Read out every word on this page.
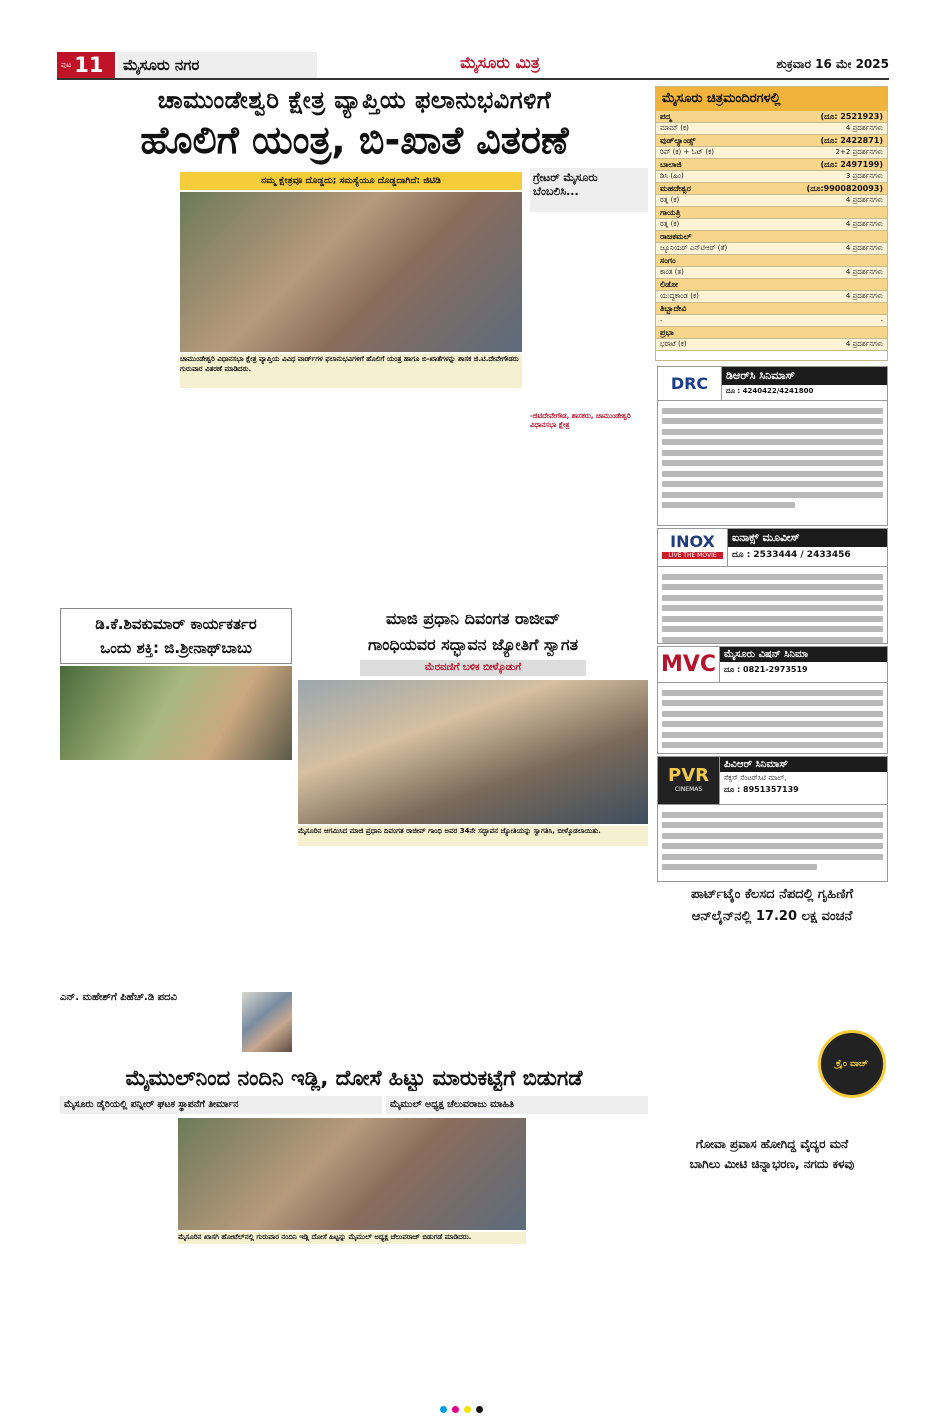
ಪುಟ 11	ಮೈಸೂರು ನಗರ	ಮೈಸೂರು ಮಿತ್ರ	ಶುಕ್ರವಾರ 16 ಮೇ 2025
ಚಾಮುಂಡೇಶ್ವರಿ ಕ್ಷೇತ್ರ ವ್ಯಾಪ್ತಿಯ ಫಲಾನುಭವಿಗಳಿಗೆ
ಹೊಲಿಗೆ ಯಂತ್ರ, ಬಿ-ಖಾತೆ ವಿತರಣೆ
ಮೈಸೂರು ಚಿತ್ರಮಂದಿರಗಳಲ್ಲಿ
ಪದ್ಮ	(ದೂ: 2521923)
ಮಾಮ್ (ಕ)	4 ಪ್ರದರ್ಶನಗಳು
ವುಡ್‌ಲ್ಯಾಂಡ್ಸ್	(ದೂ: 2422871)
ರಿಪ್ (ಕ) + ಓಟ್ (ಕ)	2+2 ಪ್ರದರ್ಶನಗಳು
ಬಾಲಾಜಿ	(ದೂ: 2497199)
ಡಿಸಿ (ಹಿಂ)	3 ಪ್ರದರ್ಶನಗಳು
ಮಹದೇಶ್ವರ	(ದೂ:9900820093)
ರತ್ನ (ಕ)	4 ಪ್ರದರ್ಶನಗಳು
ಗಾಯತ್ರಿ
ರತ್ನ (ಕ)	4 ಪ್ರದರ್ಶನಗಳು
ರಾಜಕಮಲ್
ಜ್ಯೂನಿಯರ್ ಎನ್‌ಟಿಆರ್ (ತೆ)	4 ಪ್ರದರ್ಶನಗಳು
ಸಂಗಂ
ಕಾಂತ (ತ)	4 ಪ್ರದರ್ಶನಗಳು
ಲಿಡೋ
ಯುದ್ಧಕಾಂಡ (ಕ)	4 ಪ್ರದರ್ಶನಗಳು
ತಿಬ್ಬಾದೇವಿ
-	-
ಪ್ರಭಾ
ಭರಾಟೆ (ಕ)	4 ಪ್ರದರ್ಶನಗಳು
DRC	ಡಿಆರ್‌ಸಿ ಸಿನಿಮಾಸ್
ದೂ : 4240422/4241800
INOX
LIVE THE MOVIE
ಐನಾಕ್ಸ್ ಮೂವೀಸ್
ದೂ : 2533444 / 2433456
MVC ಮೈಸೂರು ವಿಷನ್ ಸಿನಿಮಾ
ದೂ : 0821-2973519
PVR
CINEMAS
ಪಿವಿಆರ್ ಸಿನಿಮಾಸ್
ನೆಕ್ಸಸ್ ಸೆಂಟರ್‌ಸಿಟಿ ಮಾಲ್,
ದೂ : 8951357139
ನಮ್ಮ ಕ್ಷೇತ್ರವೂ ದೊಡ್ಡದು; ಸಮಸ್ಯೆಯೂ ದೊಡ್ಡದಾಗಿದೆ: ಜಿಟಿಡಿ
ಚಾಮುಂಡೇಶ್ವರಿ ವಿಧಾನಸಭಾ ಕ್ಷೇತ್ರ ವ್ಯಾಪ್ತಿಯ ವಿವಿಧ ವಾರ್ಡ್‌ಗಳ ಫಲಾನುಭವಿಗಳಿಗೆ ಹೊಲಿಗೆ ಯಂತ್ರ ಹಾಗೂ ಬಿ-ಖಾತೆಗಳನ್ನು ಶಾಸಕ ಜಿ.ಟಿ.ದೇವೇಗೌಡರು ಗುರುವಾರ ವಿತರಣೆ ಮಾಡಿದರು.
ಗ್ರೇಟರ್ ಮೈಸೂರು ಬೆಂಬಲಿಸಿ...
-ಜಿಟಿದೇವೇಗೌಡ, ಶಾಸಕರು, ಚಾಮುಂಡೇಶ್ವರಿ ವಿಧಾನಸಭಾ ಕ್ಷೇತ್ರ
ಡಿ.ಕೆ.ಶಿವಕುಮಾರ್ ಕಾರ್ಯಕರ್ತರ
ಒಂದು ಶಕ್ತಿ: ಜಿ.ಶ್ರೀನಾಥ್‌ಬಾಬು
ಮಾಜಿ ಪ್ರಧಾನಿ ದಿವಂಗತ ರಾಜೀವ್
ಗಾಂಧಿಯವರ ಸದ್ಭಾವನ ಜ್ಯೋತಿಗೆ ಸ್ವಾಗತ
ಮೆರವಣಿಗೆ ಬಳಿಕ ಬೀಳ್ಕೊಡುಗೆ
ಮೈಸೂರಿನ ಆಗಮಿಸಿದ ಮಾಜಿ ಪ್ರಧಾನಿ ದಿವಂಗತ ರಾಜೀವ್ ಗಾಂಧಿ ಅವರ 34ನೇ ಸದ್ಭಾವನ ಜ್ಯೋತಿಯನ್ನು ಸ್ವಾಗತಿಸಿ, ಬೀಳ್ಕೊಡಲಾಯಿತು.
ಎನ್. ಮಹೇಶ್‌ಗೆ ಪಿಹೆಚ್.ಡಿ ಪದವಿ
ಮೈಮುಲ್‌ನಿಂದ ನಂದಿನಿ ಇಡ್ಲಿ, ದೋಸೆ ಹಿಟ್ಟು ಮಾರುಕಟ್ಟೆಗೆ ಬಿಡುಗಡೆ
ಮೈಸೂರು ಡೈರಿಯಲ್ಲಿ ಪನ್ನೀರ್ ಘಟಕ ಸ್ಥಾಪನೆಗೆ ತೀರ್ಮಾನ	ಮೈಮುಲ್ ಅಧ್ಯಕ್ಷ ಚೆಲುವರಾಜು ಮಾಹಿತಿ
ಮೈಸೂರಿನ ಖಾಸಗಿ ಹೋಟೆಲ್‌ನಲ್ಲಿ ಗುರುವಾರ ನಂದಿನಿ ಇಡ್ಲಿ ದೋಸೆ ಹಿಟ್ಟನ್ನು ಮೈಮುಲ್ ಅಧ್ಯಕ್ಷ ಚೆಲುವರಾಜ್ ಬಿಡುಗಡೆ ಮಾಡಿದರು.
ಪಾರ್ಟ್‌ಟೈಂ ಕೆಲಸದ ನೆಪದಲ್ಲಿ ಗೃಹಿಣಿಗೆ
ಆನ್‌ಲೈನ್‌ನಲ್ಲಿ 17.20 ಲಕ್ಷ ವಂಚನೆ
ಕ್ರೈಂ ವಾಚ್
ಗೋವಾ ಪ್ರವಾಸ ಹೋಗಿದ್ದ ವೈದ್ಯರ ಮನೆ
ಬಾಗಿಲು ಮೀಟಿ ಚಿನ್ನಾಭರಣ, ನಗದು ಕಳವು
